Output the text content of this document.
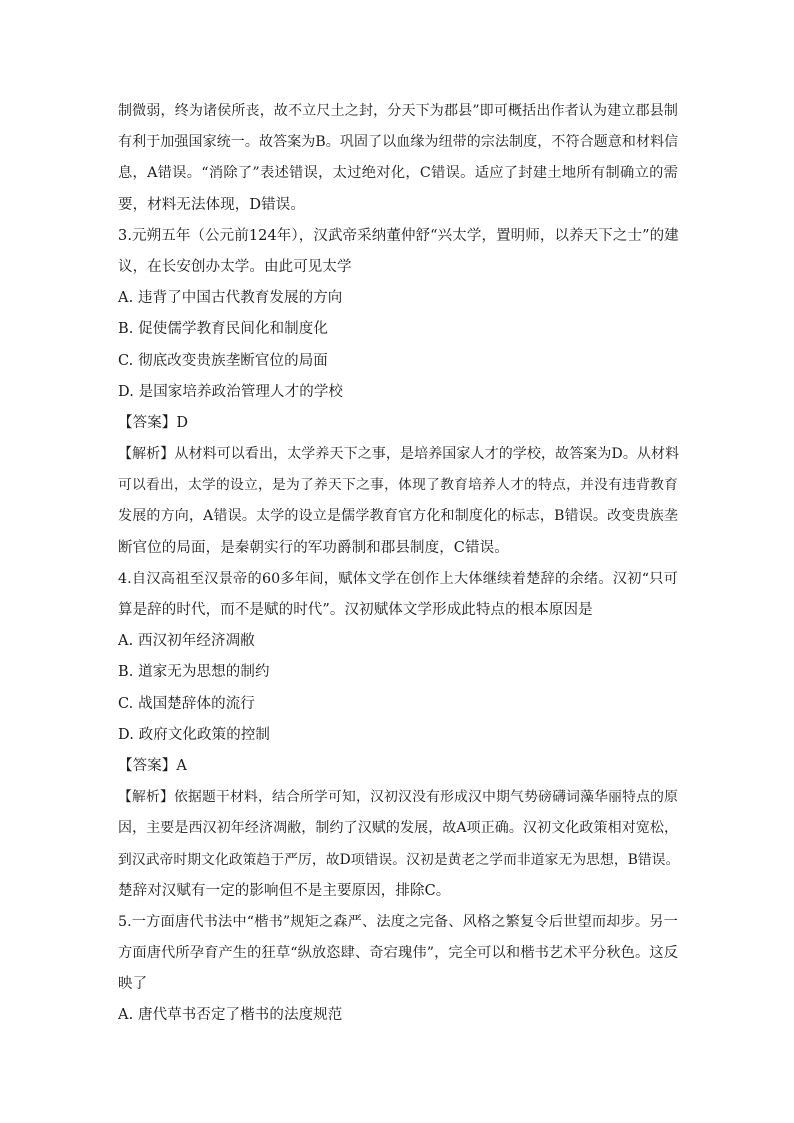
制微弱，终为诸侯所丧，故不立尺土之封，分天下为郡县”即可概括出作者认为建立郡县制
有利于加强国家统一。故答案为B。巩固了以血缘为纽带的宗法制度，不符合题意和材料信
息，A错误。“消除了”表述错误，太过绝对化，C错误。适应了封建土地所有制确立的需
要，材料无法体现，D错误。
3.元朔五年（公元前124年），汉武帝采纳董仲舒“兴太学，置明师，以养天下之士”的建
议，在长安创办太学。由此可见太学
A. 违背了中国古代教育发展的方向
B. 促使儒学教育民间化和制度化
C. 彻底改变贵族垄断官位的局面
D. 是国家培养政治管理人才的学校
【答案】D
【解析】从材料可以看出，太学养天下之事，是培养国家人才的学校，故答案为D。从材料
可以看出，太学的设立，是为了养天下之事，体现了教育培养人才的特点，并没有违背教育
发展的方向，A错误。太学的设立是儒学教育官方化和制度化的标志，B错误。改变贵族垄
断官位的局面，是秦朝实行的军功爵制和郡县制度，C错误。
4.自汉高祖至汉景帝的60多年间，赋体文学在创作上大体继续着楚辞的余绪。汉初“只可
算是辞的时代，而不是赋的时代”。汉初赋体文学形成此特点的根本原因是
A. 西汉初年经济凋敝
B. 道家无为思想的制约
C. 战国楚辞体的流行
D. 政府文化政策的控制
【答案】A
【解析】依据题干材料，结合所学可知，汉初汉没有形成汉中期气势磅礴词藻华丽特点的原
因，主要是西汉初年经济凋敝，制约了汉赋的发展，故A项正确。汉初文化政策相对宽松，
到汉武帝时期文化政策趋于严厉，故D项错误。汉初是黄老之学而非道家无为思想，B错误。
楚辞对汉赋有一定的影响但不是主要原因，排除C。
5.一方面唐代书法中“楷书”规矩之森严、法度之完备、风格之繁复令后世望而却步。另一
方面唐代所孕育产生的狂草“纵放恣肆、奇宕瑰伟”，完全可以和楷书艺术平分秋色。这反
映了
A. 唐代草书否定了楷书的法度规范
